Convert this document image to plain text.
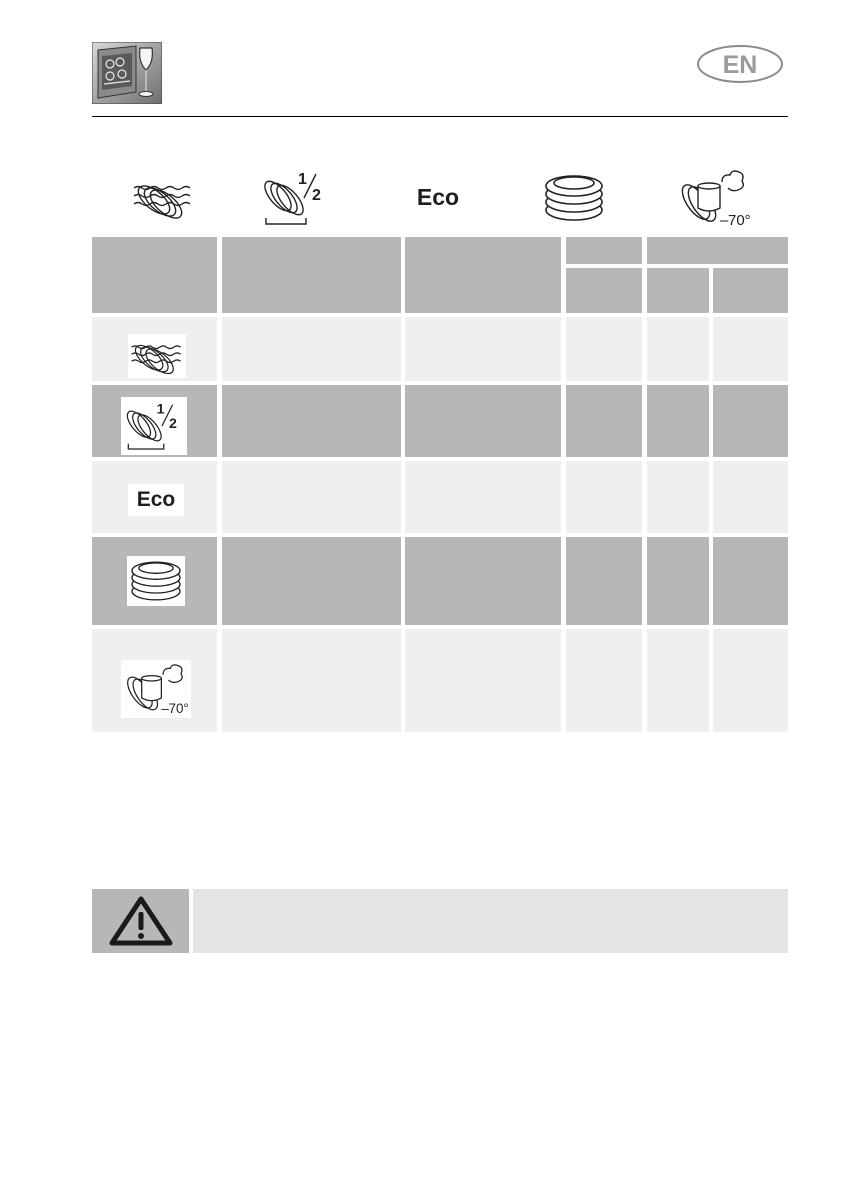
EN
1
2	Eco
– 70°
1
2
Eco
– 70°
